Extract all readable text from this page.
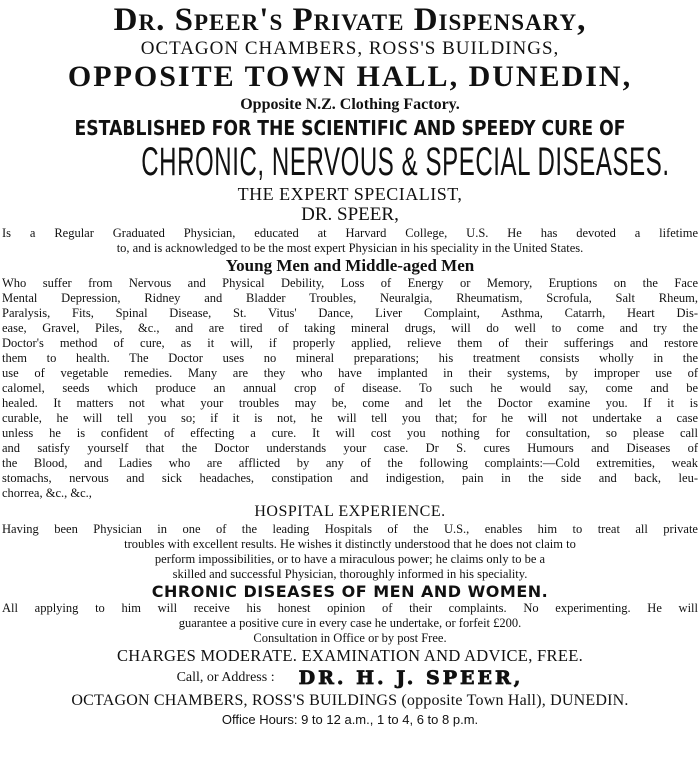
Dr. Speer's Private Dispensary,
OCTAGON CHAMBERS, ROSS'S BUILDINGS,
OPPOSITE TOWN HALL, DUNEDIN,
Opposite N.Z. Clothing Factory.
ESTABLISHED FOR THE SCIENTIFIC AND SPEEDY CURE OF
CHRONIC, NERVOUS & SPECIAL DISEASES.
THE EXPERT SPECIALIST,
DR. SPEER,
Is a Regular Graduated Physician, educated at Harvard College, U.S. He has devoted a lifetime
to, and is acknowledged to be the most expert Physician in his speciality in the United States.
Young Men and Middle-aged Men
Who suffer from Nervous and Physical Debility, Loss of Energy or Memory, Eruptions on the Face
Mental Depression, Ridney and Bladder Troubles, Neuralgia, Rheumatism, Scrofula, Salt Rheum,
Paralysis, Fits, Spinal Disease, St. Vitus' Dance, Liver Complaint, Asthma, Catarrh, Heart Dis-
ease, Gravel, Piles, &c., and are tired of taking mineral drugs, will do well to come and try the
Doctor's method of cure, as it will, if properly applied, relieve them of their sufferings and restore
them to health. The Doctor uses no mineral preparations; his treatment consists wholly in the
use of vegetable remedies. Many are they who have implanted in their systems, by improper use of
calomel, seeds which produce an annual crop of disease. To such he would say, come and be
healed. It matters not what your troubles may be, come and let the Doctor examine you. If it is
curable, he will tell you so; if it is not, he will tell you that; for he will not undertake a case
unless he is confident of effecting a cure. It will cost you nothing for consultation, so please call
and satisfy yourself that the Doctor understands your case. Dr S. cures Humours and Diseases of
the Blood, and Ladies who are afflicted by any of the following complaints:—Cold extremities, weak
stomachs, nervous and sick headaches, constipation and indigestion, pain in the side and back, leu-
chorrea, &c., &c.,
HOSPITAL EXPERIENCE.
Having been Physician in one of the leading Hospitals of the U.S., enables him to treat all private
troubles with excellent results. He wishes it distinctly understood that he does not claim to
perform impossibilities, or to have a miraculous power; he claims only to be a
skilled and successful Physician, thoroughly informed in his speciality.
CHRONIC DISEASES OF MEN AND WOMEN.
All applying to him will receive his honest opinion of their complaints. No experimenting. He will
guarantee a positive cure in every case he undertake, or forfeit £200.
Consultation in Office or by post Free.
CHARGES MODERATE. EXAMINATION AND ADVICE, FREE.
Call, or Address : DR. H. J. SPEER,
OCTAGON CHAMBERS, ROSS'S BUILDINGS (opposite Town Hall), DUNEDIN.
Office Hours: 9 to 12 a.m., 1 to 4, 6 to 8 p.m.
